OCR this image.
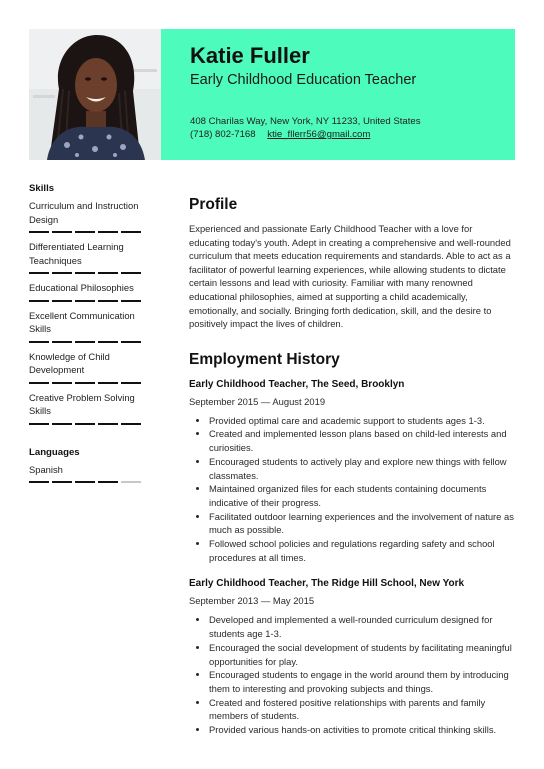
Katie Fuller
Early Childhood Education Teacher
408 Charilas Way, New York, NY 11233, United States
(718) 802-7168 ktie_fllerr56@gmail.com
Skills
Curriculum and Instruction Design
Differentiated Learning Teachniques
Educational Philosophies
Excellent Communication Skills
Knowledge of Child Development
Creative Problem Solving Skills
Languages
Spanish
Profile
Experienced and passionate Early Childhood Teacher with a love for educating today's youth. Adept in creating a comprehensive and well-rounded curriculum that meets education requirements and standards. Able to act as a facilitator of powerful learning experiences, while allowing students to dictate certain lessons and lead with curiosity. Familiar with many renowned educational philosophies, aimed at supporting a child academically, emotionally, and socially. Bringing forth dedication, skill, and the desire to positively impact the lives of children.
Employment History
Early Childhood Teacher, The Seed, Brooklyn
September 2015 — August 2019
• Provided optimal care and academic support to students ages 1-3.
• Created and implemented lesson plans based on child-led interests and curiosities.
• Encouraged students to actively play and explore new things with fellow classmates.
• Maintained organized files for each students containing documents indicative of their progress.
• Facilitated outdoor learning experiences and the involvement of nature as much as possible.
• Followed school policies and regulations regarding safety and school procedures at all times.
Early Childhood Teacher, The Ridge Hill School, New York
September 2013 — May 2015
• Developed and implemented a well-rounded curriculum designed for students age 1-3.
• Encouraged the social development of students by facilitating meaningful opportunities for play.
• Encouraged students to engage in the world around them by introducing them to interesting and provoking subjects and things.
• Created and fostered positive relationships with parents and family members of students.
• Provided various hands-on activities to promote critical thinking skills.
